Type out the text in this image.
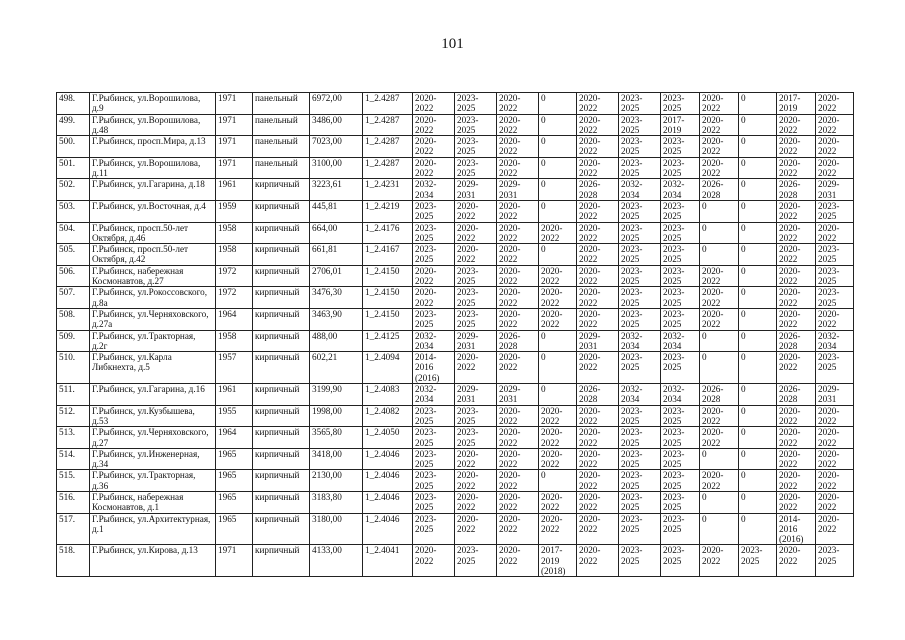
101
498.	Г.Рыбинск, ул.Ворошилова, д.9	1971	панельный	6972,00	1_2.4287	2020-2022	2023-2025	2020-2022	0	2020-2022	2023-2025	2023-2025	2020-2022	0	2017-2019	2020-2022
499.	Г.Рыбинск, ул.Ворошилова, д.48	1971	панельный	3486,00	1_2.4287	2020-2022	2023-2025	2020-2022	0	2020-2022	2023-2025	2017-2019	2020-2022	0	2020-2022	2020-2022
500.	Г.Рыбинск, просп.Мира, д.13	1971	панельный	7023,00	1_2.4287	2020-2022	2023-2025	2020-2022	0	2020-2022	2023-2025	2023-2025	2020-2022	0	2020-2022	2020-2022
501.	Г.Рыбинск, ул.Ворошилова, д.11	1971	панельный	3100,00	1_2.4287	2020-2022	2023-2025	2020-2022	0	2020-2022	2023-2025	2023-2025	2020-2022	0	2020-2022	2020-2022
502.	Г.Рыбинск, ул.Гагарина, д.18	1961	кирпичный	3223,61	1_2.4231	2032-2034	2029-2031	2029-2031	0	2026-2028	2032-2034	2032-2034	2026-2028	0	2026-2028	2029-2031
503.	Г.Рыбинск, ул.Восточная, д.4	1959	кирпичный	445,81	1_2.4219	2023-2025	2020-2022	2020-2022	0	2020-2022	2023-2025	2023-2025	0	0	2020-2022	2023-2025
504.	Г.Рыбинск, просп.50-лет Октября, д.46	1958	кирпичный	664,00	1_2.4176	2023-2025	2020-2022	2020-2022	2020-2022	2020-2022	2023-2025	2023-2025	0	0	2020-2022	2020-2022
505.	Г.Рыбинск, просп.50-лет Октября, д.42	1958	кирпичный	661,81	1_2.4167	2023-2025	2020-2022	2020-2022	0	2020-2022	2023-2025	2023-2025	0	0	2020-2022	2023-2025
506.	Г.Рыбинск, набережная Космонавтов, д.27	1972	кирпичный	2706,01	1_2.4150	2020-2022	2023-2025	2020-2022	2020-2022	2020-2022	2023-2025	2023-2025	2020-2022	0	2020-2022	2023-2025
507.	Г.Рыбинск, ул.Рокоссовского, д.8а	1972	кирпичный	3476,30	1_2.4150	2020-2022	2023-2025	2020-2022	2020-2022	2020-2022	2023-2025	2023-2025	2020-2022	0	2020-2022	2023-2025
508.	Г.Рыбинск, ул.Черняховского, д.27а	1964	кирпичный	3463,90	1_2.4150	2023-2025	2023-2025	2020-2022	2020-2022	2020-2022	2023-2025	2023-2025	2020-2022	0	2020-2022	2020-2022
509.	Г.Рыбинск, ул.Тракторная, д.2г	1958	кирпичный	488,00	1_2.4125	2032-2034	2029-2031	2026-2028	0	2029-2031	2032-2034	2032-2034	0	0	2026-2028	2032-2034
510.	Г.Рыбинск, ул.Карла Либкнехта, д.5	1957	кирпичный	602,21	1_2.4094	2014-2016 (2016)	2020-2022	2020-2022	0	2020-2022	2023-2025	2023-2025	0	0	2020-2022	2023-2025
511.	Г.Рыбинск, ул.Гагарина, д.16	1961	кирпичный	3199,90	1_2.4083	2032-2034	2029-2031	2029-2031	0	2026-2028	2032-2034	2032-2034	2026-2028	0	2026-2028	2029-2031
512.	Г.Рыбинск, ул.Кузбышева, д.53	1955	кирпичный	1998,00	1_2.4082	2023-2025	2023-2025	2020-2022	2020-2022	2020-2022	2023-2025	2023-2025	2020-2022	0	2020-2022	2020-2022
513.	Г.Рыбинск, ул.Черняховского, д.27	1964	кирпичный	3565,80	1_2.4050	2023-2025	2023-2025	2020-2022	2020-2022	2020-2022	2023-2025	2023-2025	2020-2022	0	2020-2022	2020-2022
514.	Г.Рыбинск, ул.Инженерная, д.34	1965	кирпичный	3418,00	1_2.4046	2023-2025	2020-2022	2020-2022	2020-2022	2020-2022	2023-2025	2023-2025	0	0	2020-2022	2020-2022
515.	Г.Рыбинск, ул.Тракторная, д.36	1965	кирпичный	2130,00	1_2.4046	2023-2025	2020-2022	2020-2022	0	2020-2022	2023-2025	2023-2025	2020-2022	0	2020-2022	2020-2022
516.	Г.Рыбинск, набережная Космонавтов, д.1	1965	кирпичный	3183,80	1_2.4046	2023-2025	2020-2022	2020-2022	2020-2022	2020-2022	2023-2025	2023-2025	0	0	2020-2022	2020-2022
517.	Г.Рыбинск, ул.Архитектурная, д.1	1965	кирпичный	3180,00	1_2.4046	2023-2025	2020-2022	2020-2022	2020-2022	2020-2022	2023-2025	2023-2025	0	0	2014-2016 (2016)	2020-2022
518.	Г.Рыбинск, ул.Кирова, д.13	1971	кирпичный	4133,00	1_2.4041	2020-2022	2023-2025	2020-2022	2017-2019 (2018)	2020-2022	2023-2025	2023-2025	2020-2022	2023-2025	2020-2022	2023-2025
